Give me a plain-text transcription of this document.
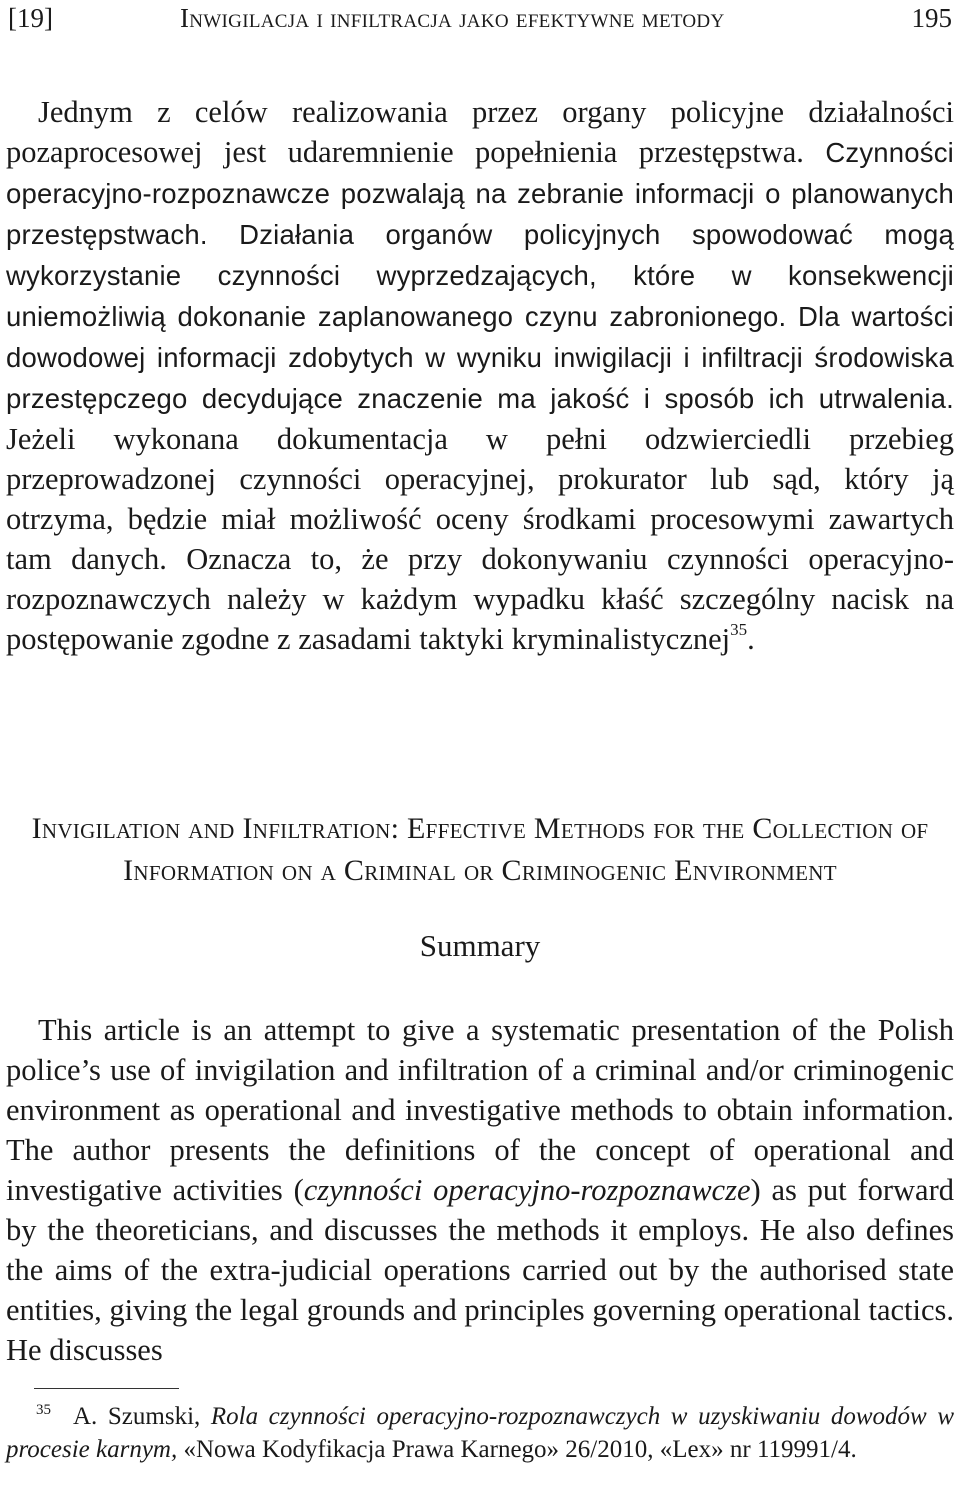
[19]	Inwigilacja i infiltracja jako efektywne metody	195

Jednym z celów realizowania przez organy policyjne działalności pozaprocesowej jest udaremnienie popełnienia przestępstwa. Czynności operacyjno-rozpoznawcze pozwalają na zebranie informacji o planowanych przestępstwach. Działania organów policyjnych spowodować mogą wykorzystanie czynności wyprzedzających, które w konsekwencji uniemożliwią dokonanie zaplanowanego czynu zabronionego. Dla wartości dowodowej informacji zdobytych w wyniku inwigilacji i infiltracji środowiska przestępczego decydujące znaczenie ma jakość i sposób ich utrwalenia. Jeżeli wykonana dokumentacja w pełni odzwierciedli przebieg przeprowadzonej czynności operacyjnej, prokurator lub sąd, który ją otrzyma, będzie miał możliwość oceny środkami procesowymi zawartych tam danych. Oznacza to, że przy dokonywaniu czynności operacyjno-rozpoznawczych należy w każdym wypadku kłaść szczególny nacisk na postępowanie zgodne z zasadami taktyki kryminalistycznej$^{35}$.

Invigilation and Infiltration: Effective Methods for the Collection of Information on a Criminal or Criminogenic Environment
Summary

This article is an attempt to give a systematic presentation of the Polish police’s use of invigilation and infiltration of a criminal and/or criminogenic environment as operational and investigative methods to obtain information. The author presents the definitions of the concept of operational and investigative activities (czynności operacyjno-rozpoznawcze) as put forward by the theoreticians, and discusses the methods it employs. He also defines the aims of the extra-judicial operations carried out by the authorised state entities, giving the legal grounds and principles governing operational tactics. He discusses

$^{35}$ A. Szumski, Rola czynności operacyjno-rozpoznawczych w uzyskiwaniu dowodów w procesie karnym, «Nowa Kodyfikacja Prawa Karnego» 26/2010, «Lex» nr 119991/4.
